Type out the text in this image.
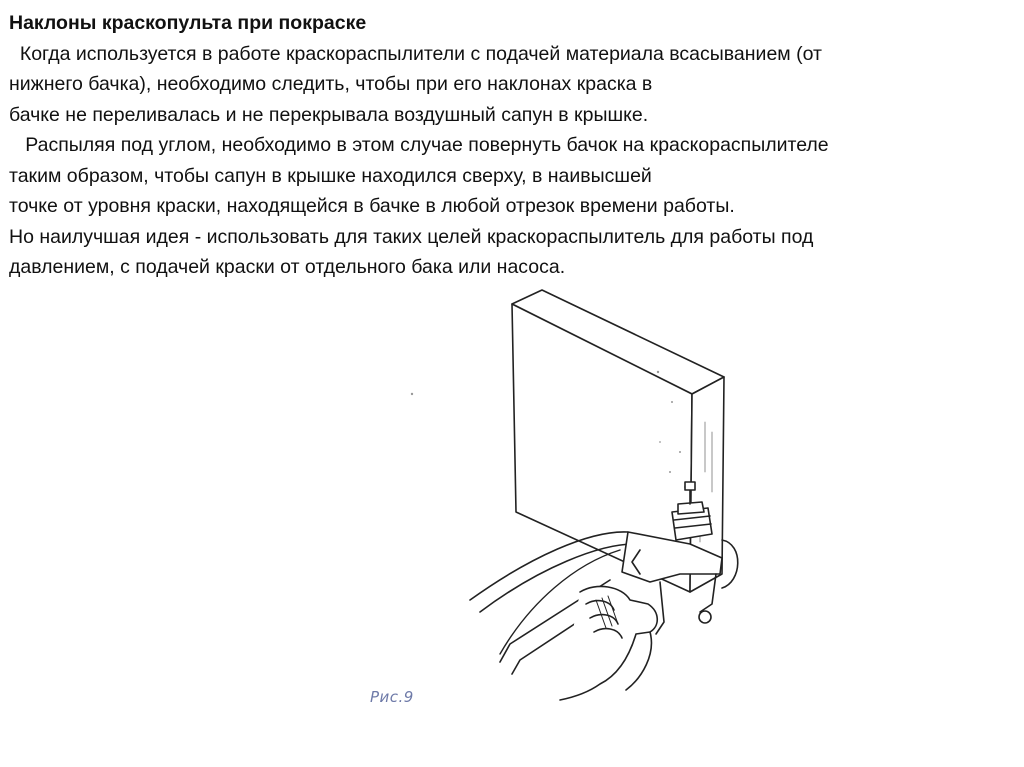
Наклоны краскопульта при покраске
Когда используется в работе краскораспылители с подачей материала всасыванием (от
нижнего бачка), необходимо следить, чтобы при его наклонах краска в
бачке не переливалась и не перекрывала воздушный сапун в крышке.
Распыляя под углом, необходимо в этом случае повернуть бачок на краскораспылителе
таким образом, чтобы сапун в крышке находился сверху, в наивысшей
точке от уровня краски, находящейся в бачке в любой отрезок времени работы.
Но наилучшая идея - использовать для таких целей краскораспылитель для работы под
давлением, с подачей краски от отдельного бака или насоса.
Рис.9
